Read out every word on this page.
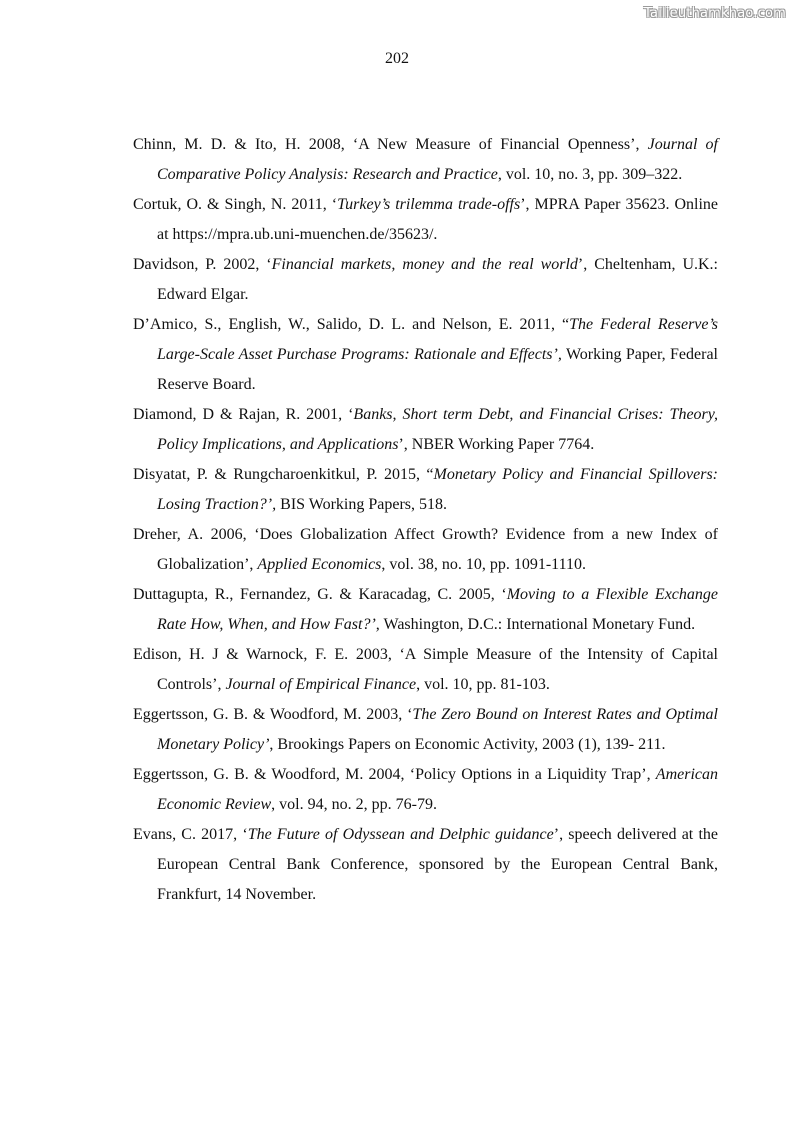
Tailieuthamkhao.com
202
Chinn, M. D. & Ito, H. 2008, ‘A New Measure of Financial Openness’, Journal of Comparative Policy Analysis: Research and Practice, vol. 10, no. 3, pp. 309–322.
Cortuk, O. & Singh, N. 2011, ‘Turkey’s trilemma trade-offs’, MPRA Paper 35623. Online at https://mpra.ub.uni-muenchen.de/35623/.
Davidson, P. 2002, ‘Financial markets, money and the real world’, Cheltenham, U.K.: Edward Elgar.
D’Amico, S., English, W., Salido, D. L. and Nelson, E. 2011, “The Federal Reserve’s Large-Scale Asset Purchase Programs: Rationale and Effects’, Working Paper, Federal Reserve Board.
Diamond, D & Rajan, R. 2001, ‘Banks, Short term Debt, and Financial Crises: Theory, Policy Implications, and Applications’, NBER Working Paper 7764.
Disyatat, P. & Rungcharoenkitkul, P. 2015, “Monetary Policy and Financial Spillovers: Losing Traction?’, BIS Working Papers, 518.
Dreher, A. 2006, ‘Does Globalization Affect Growth? Evidence from a new Index of Globalization’, Applied Economics, vol. 38, no. 10, pp. 1091-1110.
Duttagupta, R., Fernandez, G. & Karacadag, C. 2005, ‘Moving to a Flexible Exchange Rate How, When, and How Fast?’, Washington, D.C.: International Monetary Fund.
Edison, H. J & Warnock, F. E. 2003, ‘A Simple Measure of the Intensity of Capital Controls’, Journal of Empirical Finance, vol. 10, pp. 81-103.
Eggertsson, G. B. & Woodford, M. 2003, ‘The Zero Bound on Interest Rates and Optimal Monetary Policy’, Brookings Papers on Economic Activity, 2003 (1), 139- 211.
Eggertsson, G. B. & Woodford, M. 2004, ‘Policy Options in a Liquidity Trap’, American Economic Review, vol. 94, no. 2, pp. 76-79.
Evans, C. 2017, ‘The Future of Odyssean and Delphic guidance’, speech delivered at the European Central Bank Conference, sponsored by the European Central Bank, Frankfurt, 14 November.
